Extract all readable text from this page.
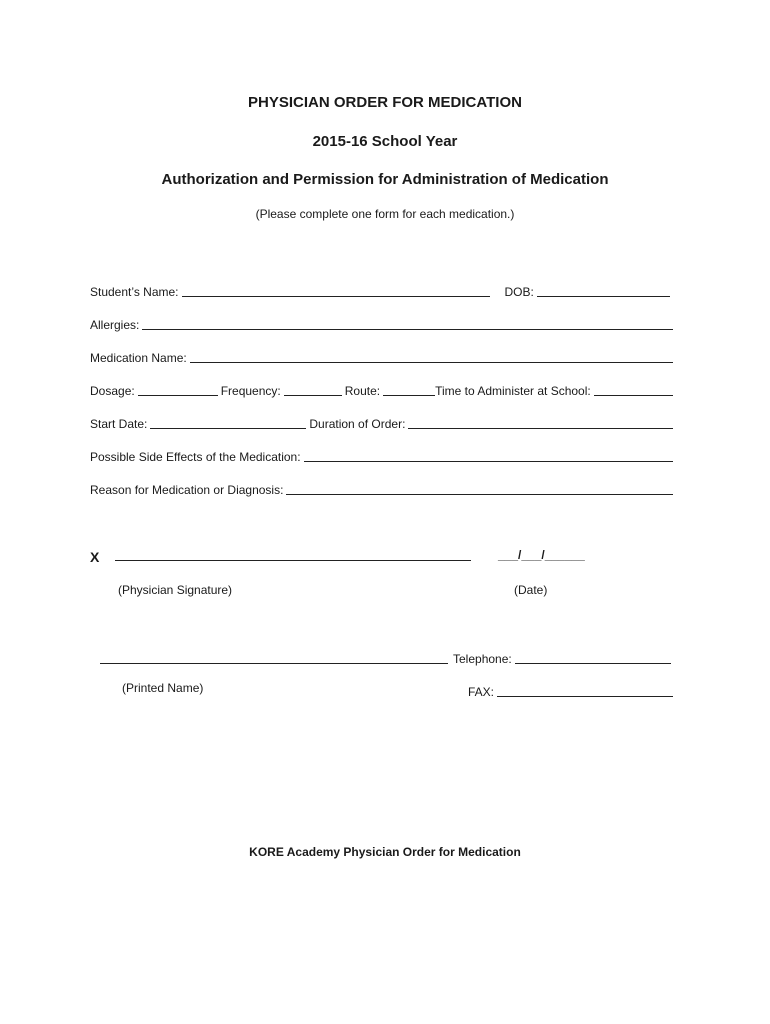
PHYSICIAN ORDER FOR MEDICATION
2015-16 School Year
Authorization and Permission for Administration of Medication
(Please complete one form for each medication.)
Student’s Name:	DOB:
Allergies:
Medication Name:
Dosage:	Frequency:	Route:	Time to Administer at School:
Start Date:	Duration of Order:
Possible Side Effects of the Medication:
Reason for Medication or Diagnosis:
X	___/___/______
(Physician Signature)	(Date)
Telephone:
(Printed Name)	FAX:
KORE Academy Physician Order for Medication
